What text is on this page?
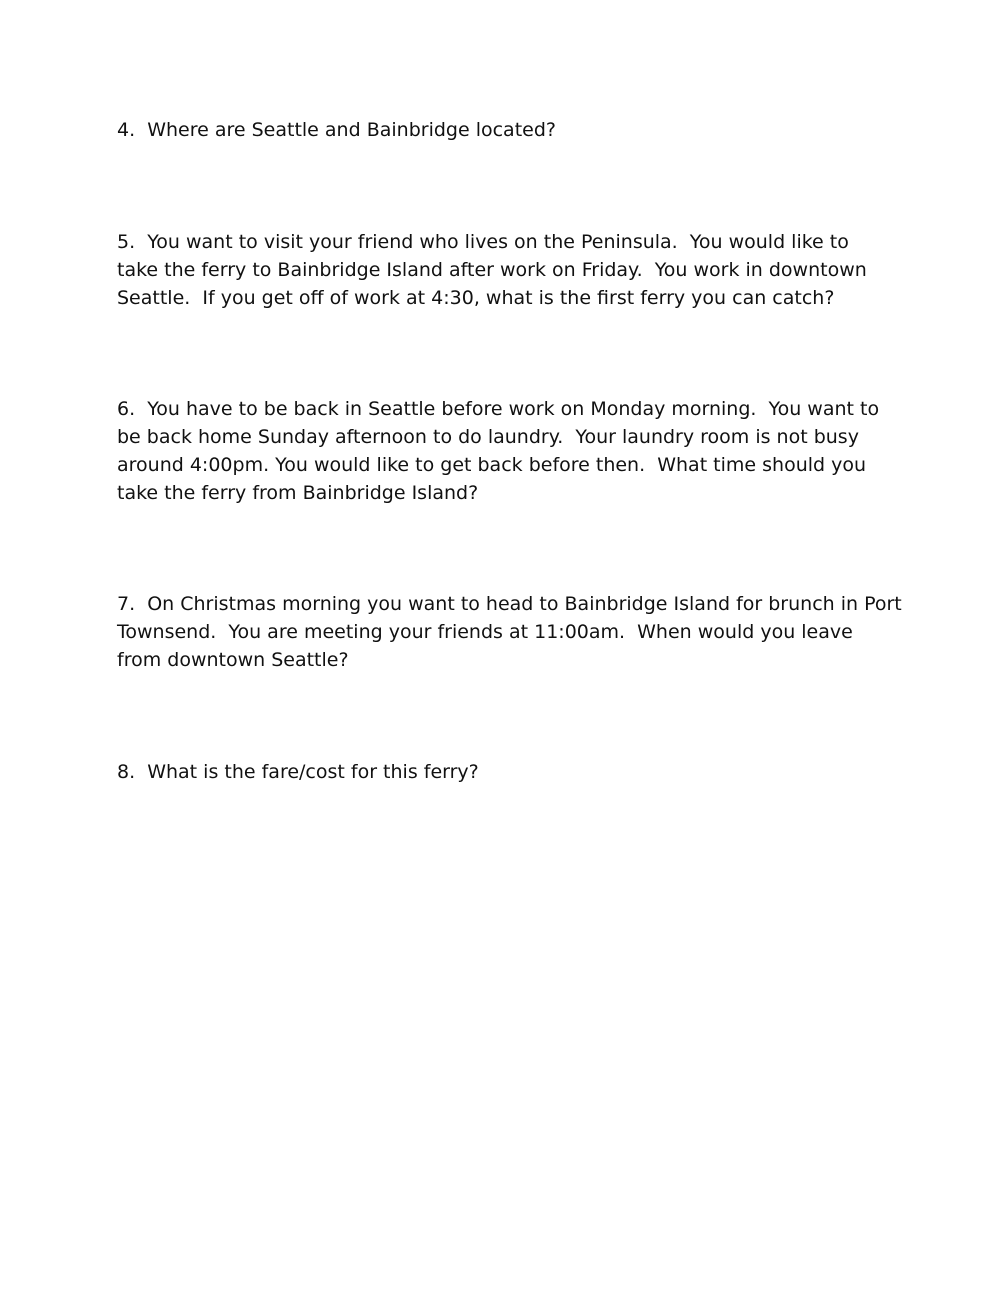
4.  Where are Seattle and Bainbridge located?

5.  You want to visit your friend who lives on the Peninsula.  You would like to
take the ferry to Bainbridge Island after work on Friday.  You work in downtown
Seattle.  If you get off of work at 4:30, what is the first ferry you can catch?

6.  You have to be back in Seattle before work on Monday morning.  You want to
be back home Sunday afternoon to do laundry.  Your laundry room is not busy
around 4:00pm. You would like to get back before then.  What time should you
take the ferry from Bainbridge Island?

7.  On Christmas morning you want to head to Bainbridge Island for brunch in Port
Townsend.  You are meeting your friends at 11:00am.  When would you leave
from downtown Seattle?

8.  What is the fare/cost for this ferry?
